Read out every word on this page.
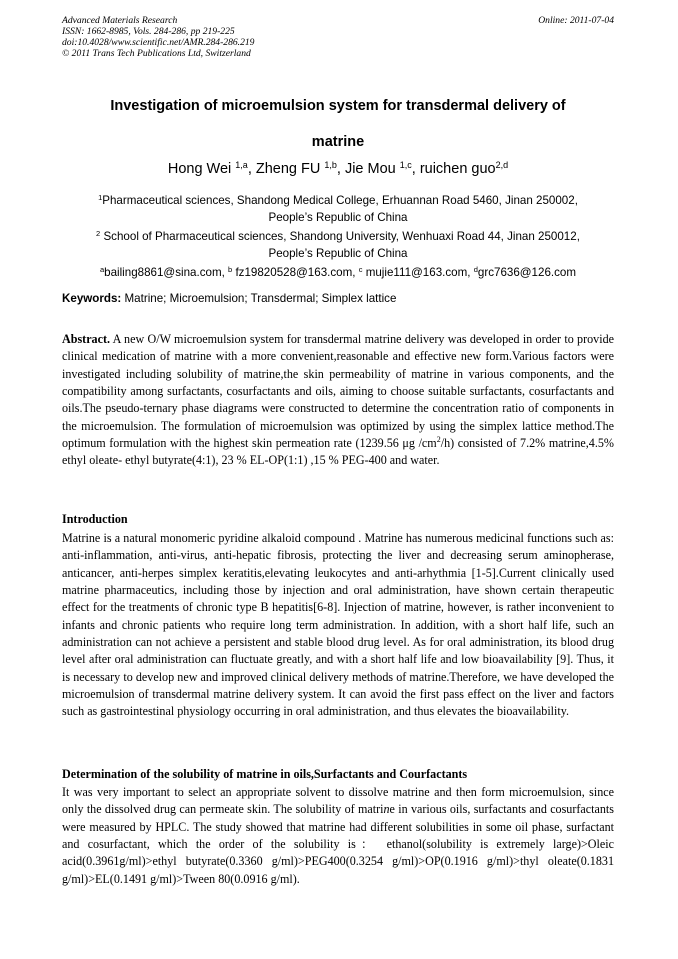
Advanced Materials Research
ISSN: 1662-8985, Vols. 284-286, pp 219-225
doi:10.4028/www.scientific.net/AMR.284-286.219
© 2011 Trans Tech Publications Ltd, Switzerland
Online: 2011-07-04
Investigation of microemulsion system for transdermal delivery of
matrine
Hong Wei $^{1,a}$, Zheng FU $^{1,b}$, Jie Mou $^{1,c}$, ruichen guo$^{2,d}$
$^1$Pharmaceutical sciences, Shandong Medical College, Erhuannan Road 5460, Jinan 250002,
People’s Republic of China
$^2$ School of Pharmaceutical sciences, Shandong University, Wenhuaxi Road 44, Jinan 250012,
People’s Republic of China
$^a$bailing8861@sina.com, $^b$ fz19820528@163.com, $^c$ mujie111@163.com, $^d$grc7636@126.com
Keywords: Matrine; Microemulsion; Transdermal; Simplex lattice
Abstract. A new O/W microemulsion system for transdermal matrine delivery was developed in order to provide clinical medication of matrine with a more convenient,reasonable and effective new form.Various factors were investigated including solubility of matrine,the skin permeability of matrine in various components, and the compatibility among surfactants, cosurfactants and oils, aiming to choose suitable surfactants, cosurfactants and oils.The pseudo-ternary phase diagrams were constructed to determine the concentration ratio of components in the microemulsion. The formulation of microemulsion was optimized by using the simplex lattice method.The optimum formulation with the highest skin permeation rate (1239.56 μg $/cm^2/h$) consisted of 7.2% matrine,4.5% ethyl oleate- ethyl butyrate(4:1), 23 % EL-OP(1:1) ,15 % PEG-400 and water.
Introduction
Matrine is a natural monomeric pyridine alkaloid compound . Matrine has numerous medicinal functions such as: anti-inflammation, anti-virus, anti-hepatic fibrosis, protecting the liver and decreasing serum aminopherase, anticancer, anti-herpes simplex keratitis,elevating leukocytes and anti-arhythmia [1-5].Current clinically used matrine pharmaceutics, including those by injection and oral administration, have shown certain therapeutic effect for the treatments of chronic type B hepatitis[6-8]. Injection of matrine, however, is rather inconvenient to infants and chronic patients who require long term administration. In addition, with a short half life, such an administration can not achieve a persistent and stable blood drug level. As for oral administration, its blood drug level after oral administration can fluctuate greatly, and with a short half life and low bioavailability [9]. Thus, it is necessary to develop new and improved clinical delivery methods of matrine.Therefore, we have developed the microemulsion of transdermal matrine delivery system. It can avoid the first pass effect on the liver and factors such as gastrointestinal physiology occurring in oral administration, and thus elevates the bioavailability.
Determination of the solubility of matrine in oils,Surfactants and Courfactants
It was very important to select an appropriate solvent to dissolve matrine and then form microemulsion, since only the dissolved drug can permeate skin. The solubility of matrine in various oils, surfactants and cosurfactants were measured by HPLC. The study showed that matrine had different solubilities in some oil phase, surfactant and cosurfactant, which the order of the solubility is： ethanol(solubility is extremely large)>Oleic acid(0.3961g/ml)>ethyl butyrate(0.3360 g/ml)>PEG400(0.3254 g/ml)>OP(0.1916 g/ml)>thyl oleate(0.1831 g/ml)>EL(0.1491 g/ml)>Tween 80(0.0916 g/ml).
